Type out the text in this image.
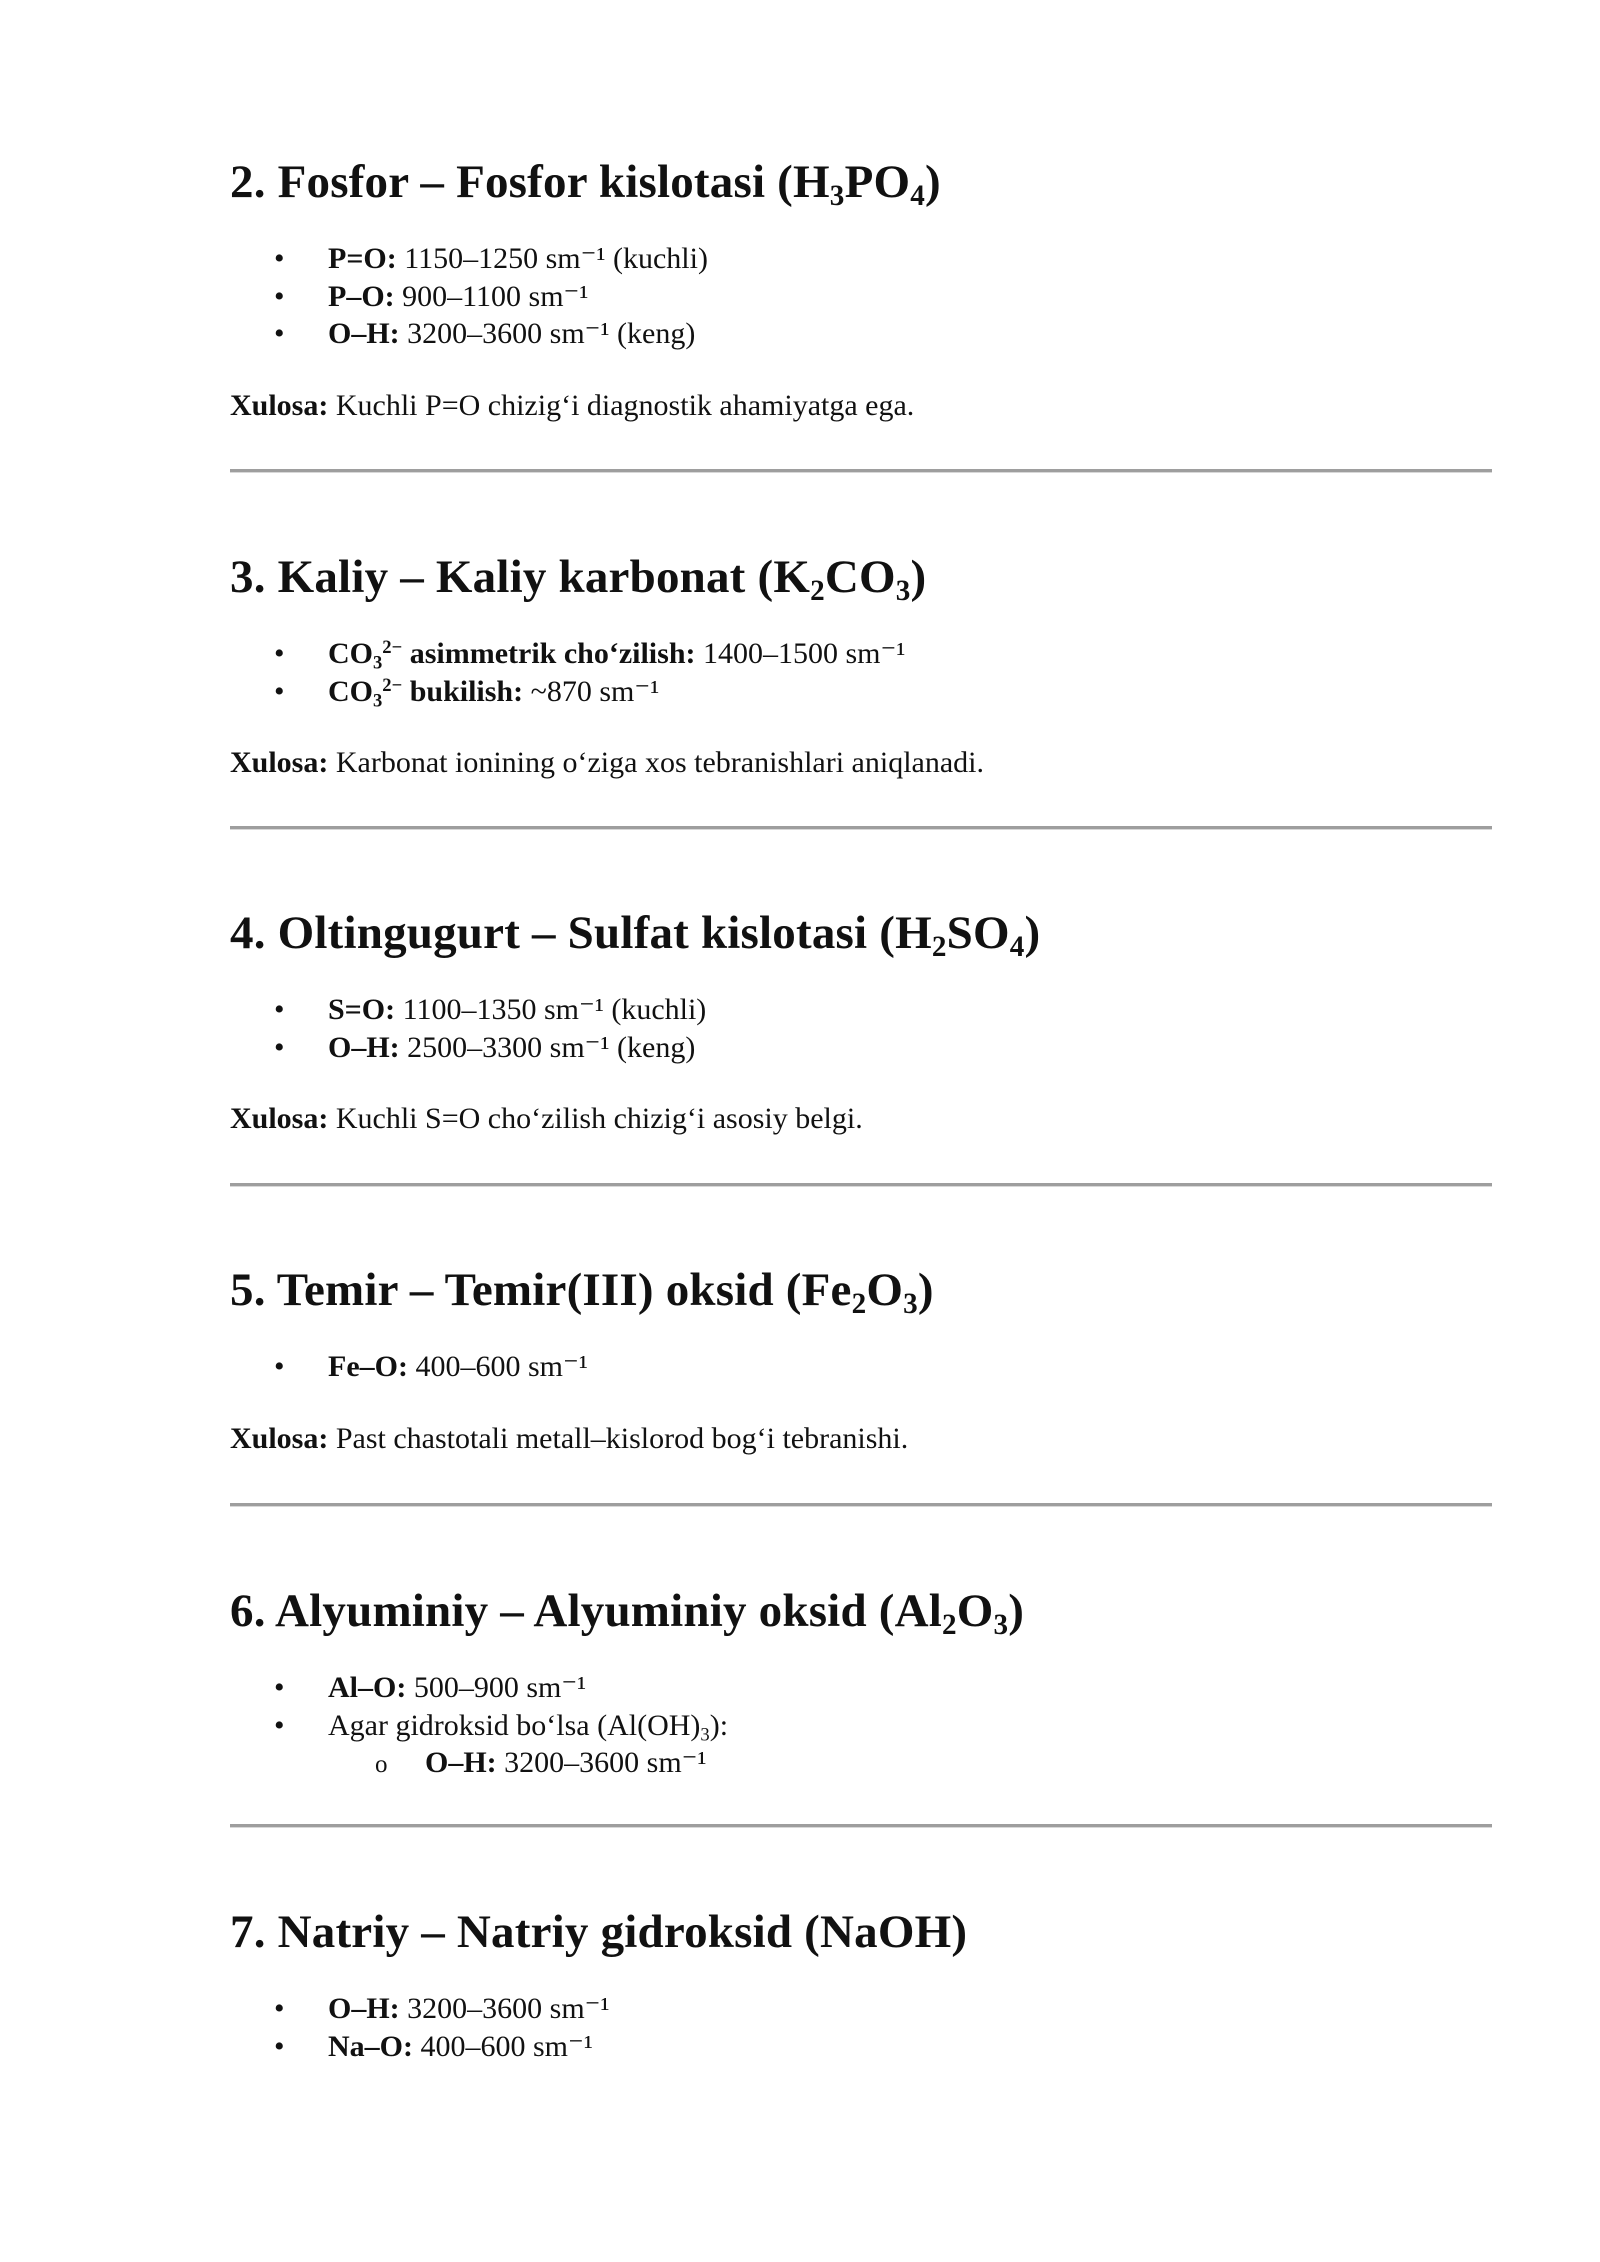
2. Fosfor – Fosfor kislotasi $(H_3PO_4)$
• P=O: 1150–1250 sm⁻¹ (kuchli)
• P–O: 900–1100 sm⁻¹
• O–H: 3200–3600 sm⁻¹ (keng)

Xulosa: Kuchli P=O chizig‘i diagnostik ahamiyatga ega.

3. Kaliy – Kaliy karbonat $(K_2CO_3)$
• $CO_3^{2-}$ asimmetrik cho‘zilish: 1400–1500 sm⁻¹
• $CO_3^{2-}$ bukilish: ~870 sm⁻¹

Xulosa: Karbonat ionining o‘ziga xos tebranishlari aniqlanadi.

4. Oltingugurt – Sulfat kislotasi $(H_2SO_4)$
• S=O: 1100–1350 sm⁻¹ (kuchli)
• O–H: 2500–3300 sm⁻¹ (keng)

Xulosa: Kuchli S=O cho‘zilish chizig‘i asosiy belgi.

5. Temir – Temir(III) oksid $(Fe_2O_3)$
• Fe–O: 400–600 sm⁻¹

Xulosa: Past chastotali metall–kislorod bog‘i tebranishi.

6. Alyuminiy – Alyuminiy oksid $(Al_2O_3)$
• Al–O: 500–900 sm⁻¹
• Agar gidroksid bo‘lsa $(Al(OH)_3)$:
o O–H: 3200–3600 sm⁻¹
7. Natriy – Natriy gidroksid (NaOH)
• O–H: 3200–3600 sm⁻¹
• Na–O: 400–600 sm⁻¹
